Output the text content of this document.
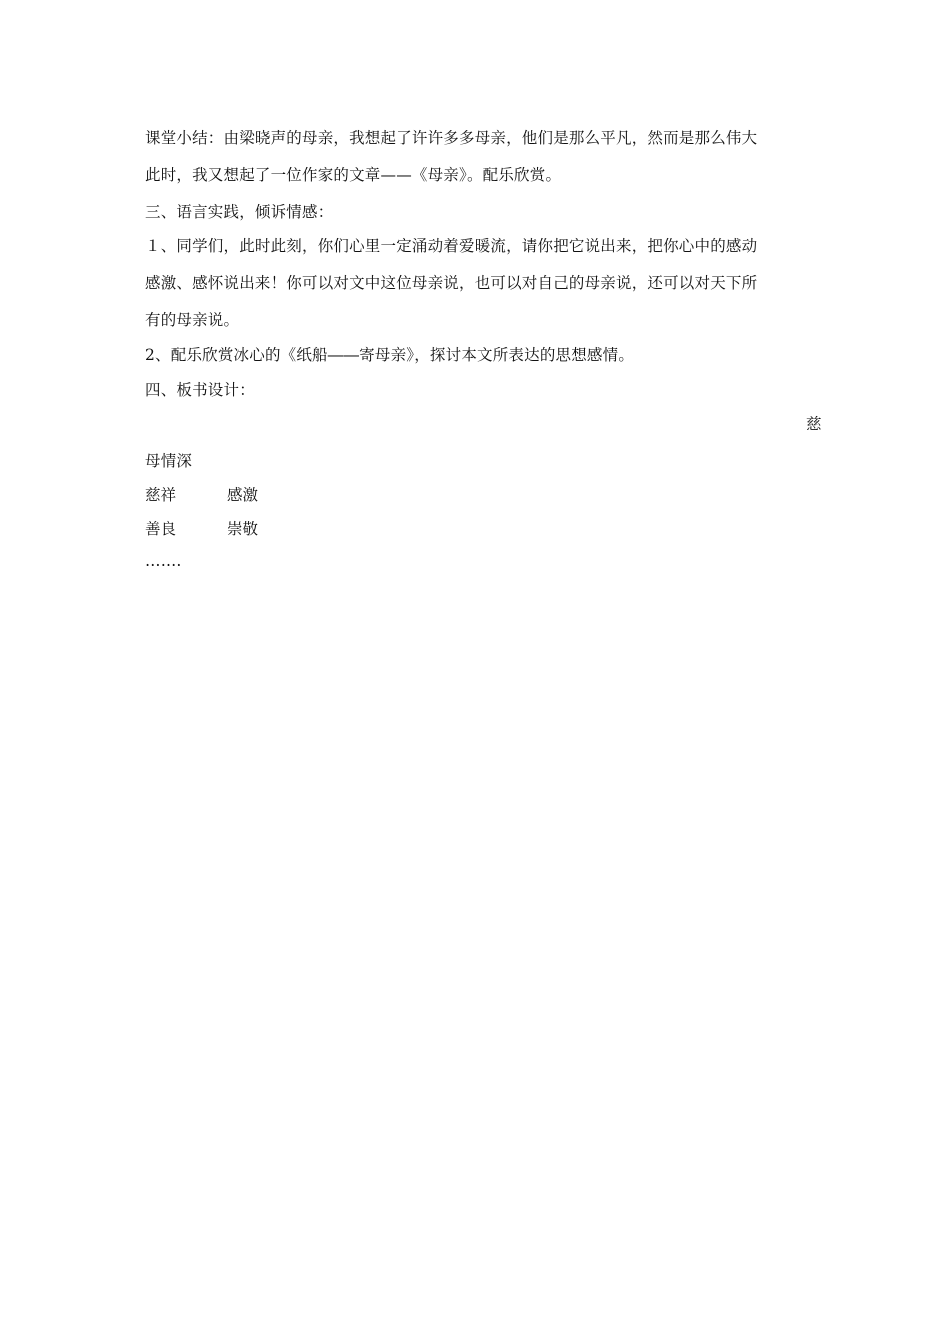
课堂小结：由梁晓声的母亲，我想起了许许多多母亲，他们是那么平凡，然而是那么伟大
此时，我又想起了一位作家的文章——《母亲》。配乐欣赏。
三、语言实践，倾诉情感：
１、同学们，此时此刻，你们心里一定涌动着爱暖流，请你把它说出来，把你心中的感动
感激、感怀说出来！你可以对文中这位母亲说，也可以对自己的母亲说，还可以对天下所
有的母亲说。
2、配乐欣赏冰心的《纸船――寄母亲》，探讨本文所表达的思想感情。
四、板书设计：
慈
母情深
慈祥	感激
善良	崇敬
…….
